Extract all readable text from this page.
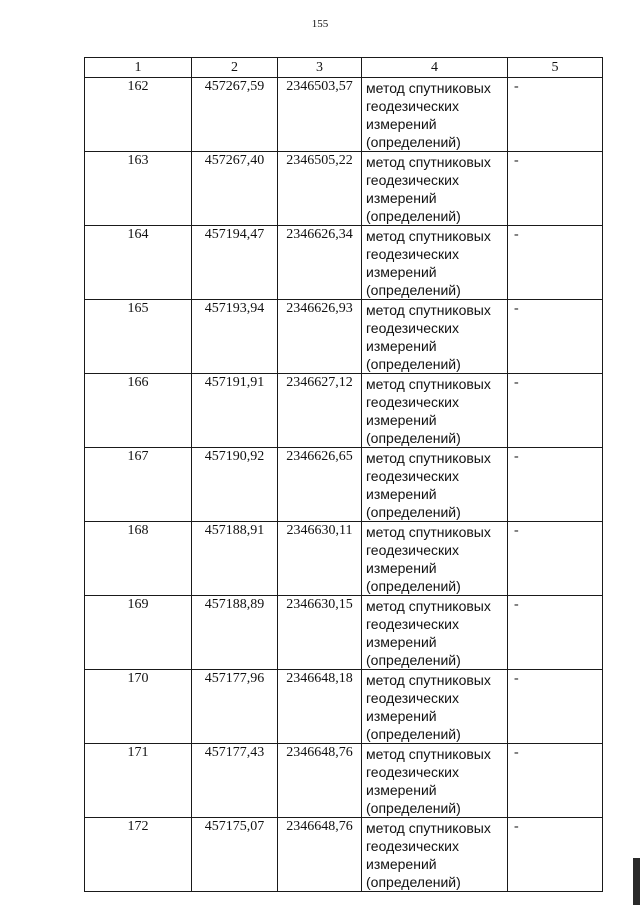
155
1	2	3	4	5
162	457267,59	2346503,57	метод спутниковых
геодезических
измерений
(определений)	-
163	457267,40	2346505,22	метод спутниковых
геодезических
измерений
(определений)	-
164	457194,47	2346626,34	метод спутниковых
геодезических
измерений
(определений)	-
165	457193,94	2346626,93	метод спутниковых
геодезических
измерений
(определений)	-
166	457191,91	2346627,12	метод спутниковых
геодезических
измерений
(определений)	-
167	457190,92	2346626,65	метод спутниковых
геодезических
измерений
(определений)	-
168	457188,91	2346630,11	метод спутниковых
геодезических
измерений
(определений)	-
169	457188,89	2346630,15	метод спутниковых
геодезических
измерений
(определений)	-
170	457177,96	2346648,18	метод спутниковых
геодезических
измерений
(определений)	-
171	457177,43	2346648,76	метод спутниковых
геодезических
измерений
(определений)	-
172	457175,07	2346648,76	метод спутниковых
геодезических
измерений
(определений)	-
